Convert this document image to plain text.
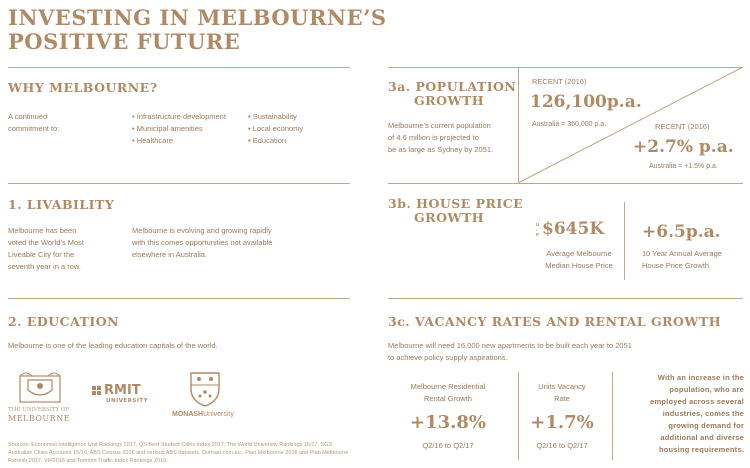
INVESTING IN MELBOURNE’S
POSITIVE FUTURE
WHY MELBOURNE?
A continued
commitment to:
• Infrastructure development
• Municipal amenities
• Healthcare
• Sustainability
• Local economy
• Education
1. LIVABILITY
Melbourne has been
voted the World’s Most
Liveable City for the
seventh year in a row.
Melbourne is evolving and growing rapidly
with this comes opportunities not available
elsewhere in Australia.
2. EDUCATION
Melbourne is one of the leading education capitals of the world.
THE UNIVERSITY OF
MELBOURNE
RMIT
UNIVERSITY
MONASHUniversity
Sources: Economist Intelligence Unit Rankings 2017, QS Best Student Cities Index 2017, The World University Rankings 16/17, SGS
Australian Cities Accounts 15/16, ABS Census 2016 and various ABS datasets, Domain.com.au , Plan Melbourne 2016 and Plan Melbourne
Refresh 2017, VIF2016 and Tomtom Traffic Index Rankings 2016.
3a. POPULATION
GROWTH
Melbourne’s current population
of 4.6 million is projected to
be as large as Sydney by 2051.
RECENT (2016)
126,100p.a.
Australia = 360,000 p.a.	RECENT (2016)
+2.7% p.a.
Australia = +1.5% p.a.
3b. HOUSE PRICE
GROWTH	U.P $645K
Average Melbourne
Median House Price
+6.5p.a.
10 Year Annual Average
House Price Growth
3c. VACANCY RATES AND RENTAL GROWTH
Melbourne will need 16,000 new apartments to be built each year to 2051
to achieve policy supply aspirations.
Melbourne Residential
Rental Growth
+13.8%
Q2/16 to Q2/17
Units Vacancy
Rate
+1.7%
Q2/16 to Q2/17
With an increase in the
population, who are
employed across several
industries, comes the
growing demand for
additional and diverse
housing requirements.
